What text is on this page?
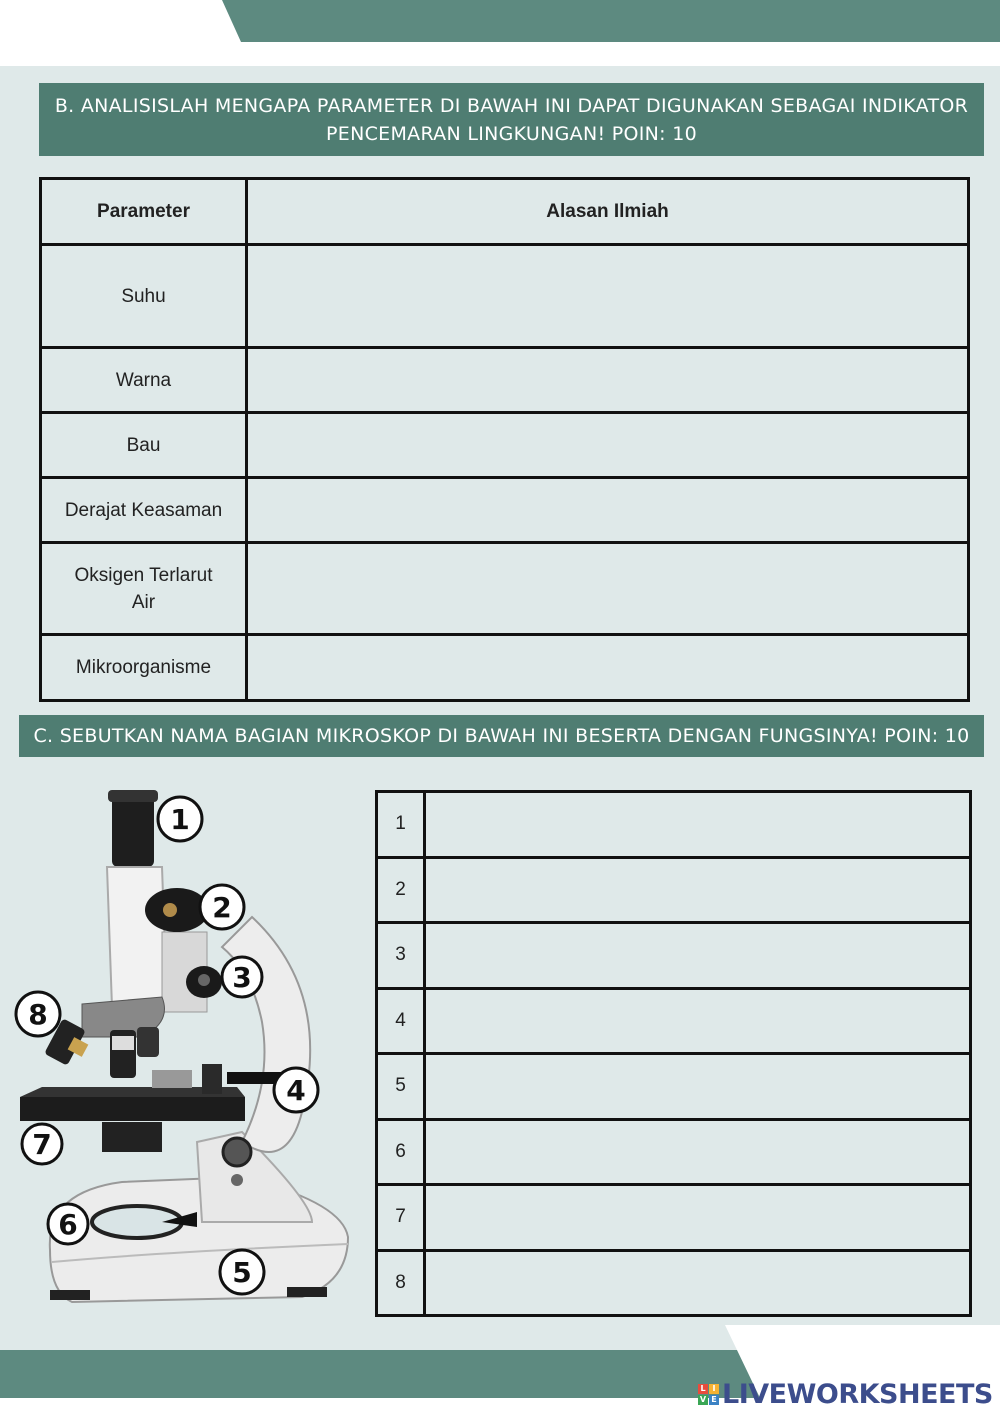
B. ANALISISLAH MENGAPA PARAMETER DI BAWAH INI DAPAT DIGUNAKAN SEBAGAI INDIKATOR PENCEMARAN LINGKUNGAN! POIN: 10
Parameter	Alasan Ilmiah
Suhu	
Warna	
Bau	
Derajat Keasaman	
Oksigen Terlarut Air	
Mikroorganisme	
C. SEBUTKAN NAMA BAGIAN MIKROSKOP DI BAWAH INI BESERTA DENGAN FUNGSINYA! POIN: 10
1
2
3
4
5
6
7
8
1	
2	
3	
4	
5	
6	
7	
8	
L I
V E LIVEWORKSHEETS
